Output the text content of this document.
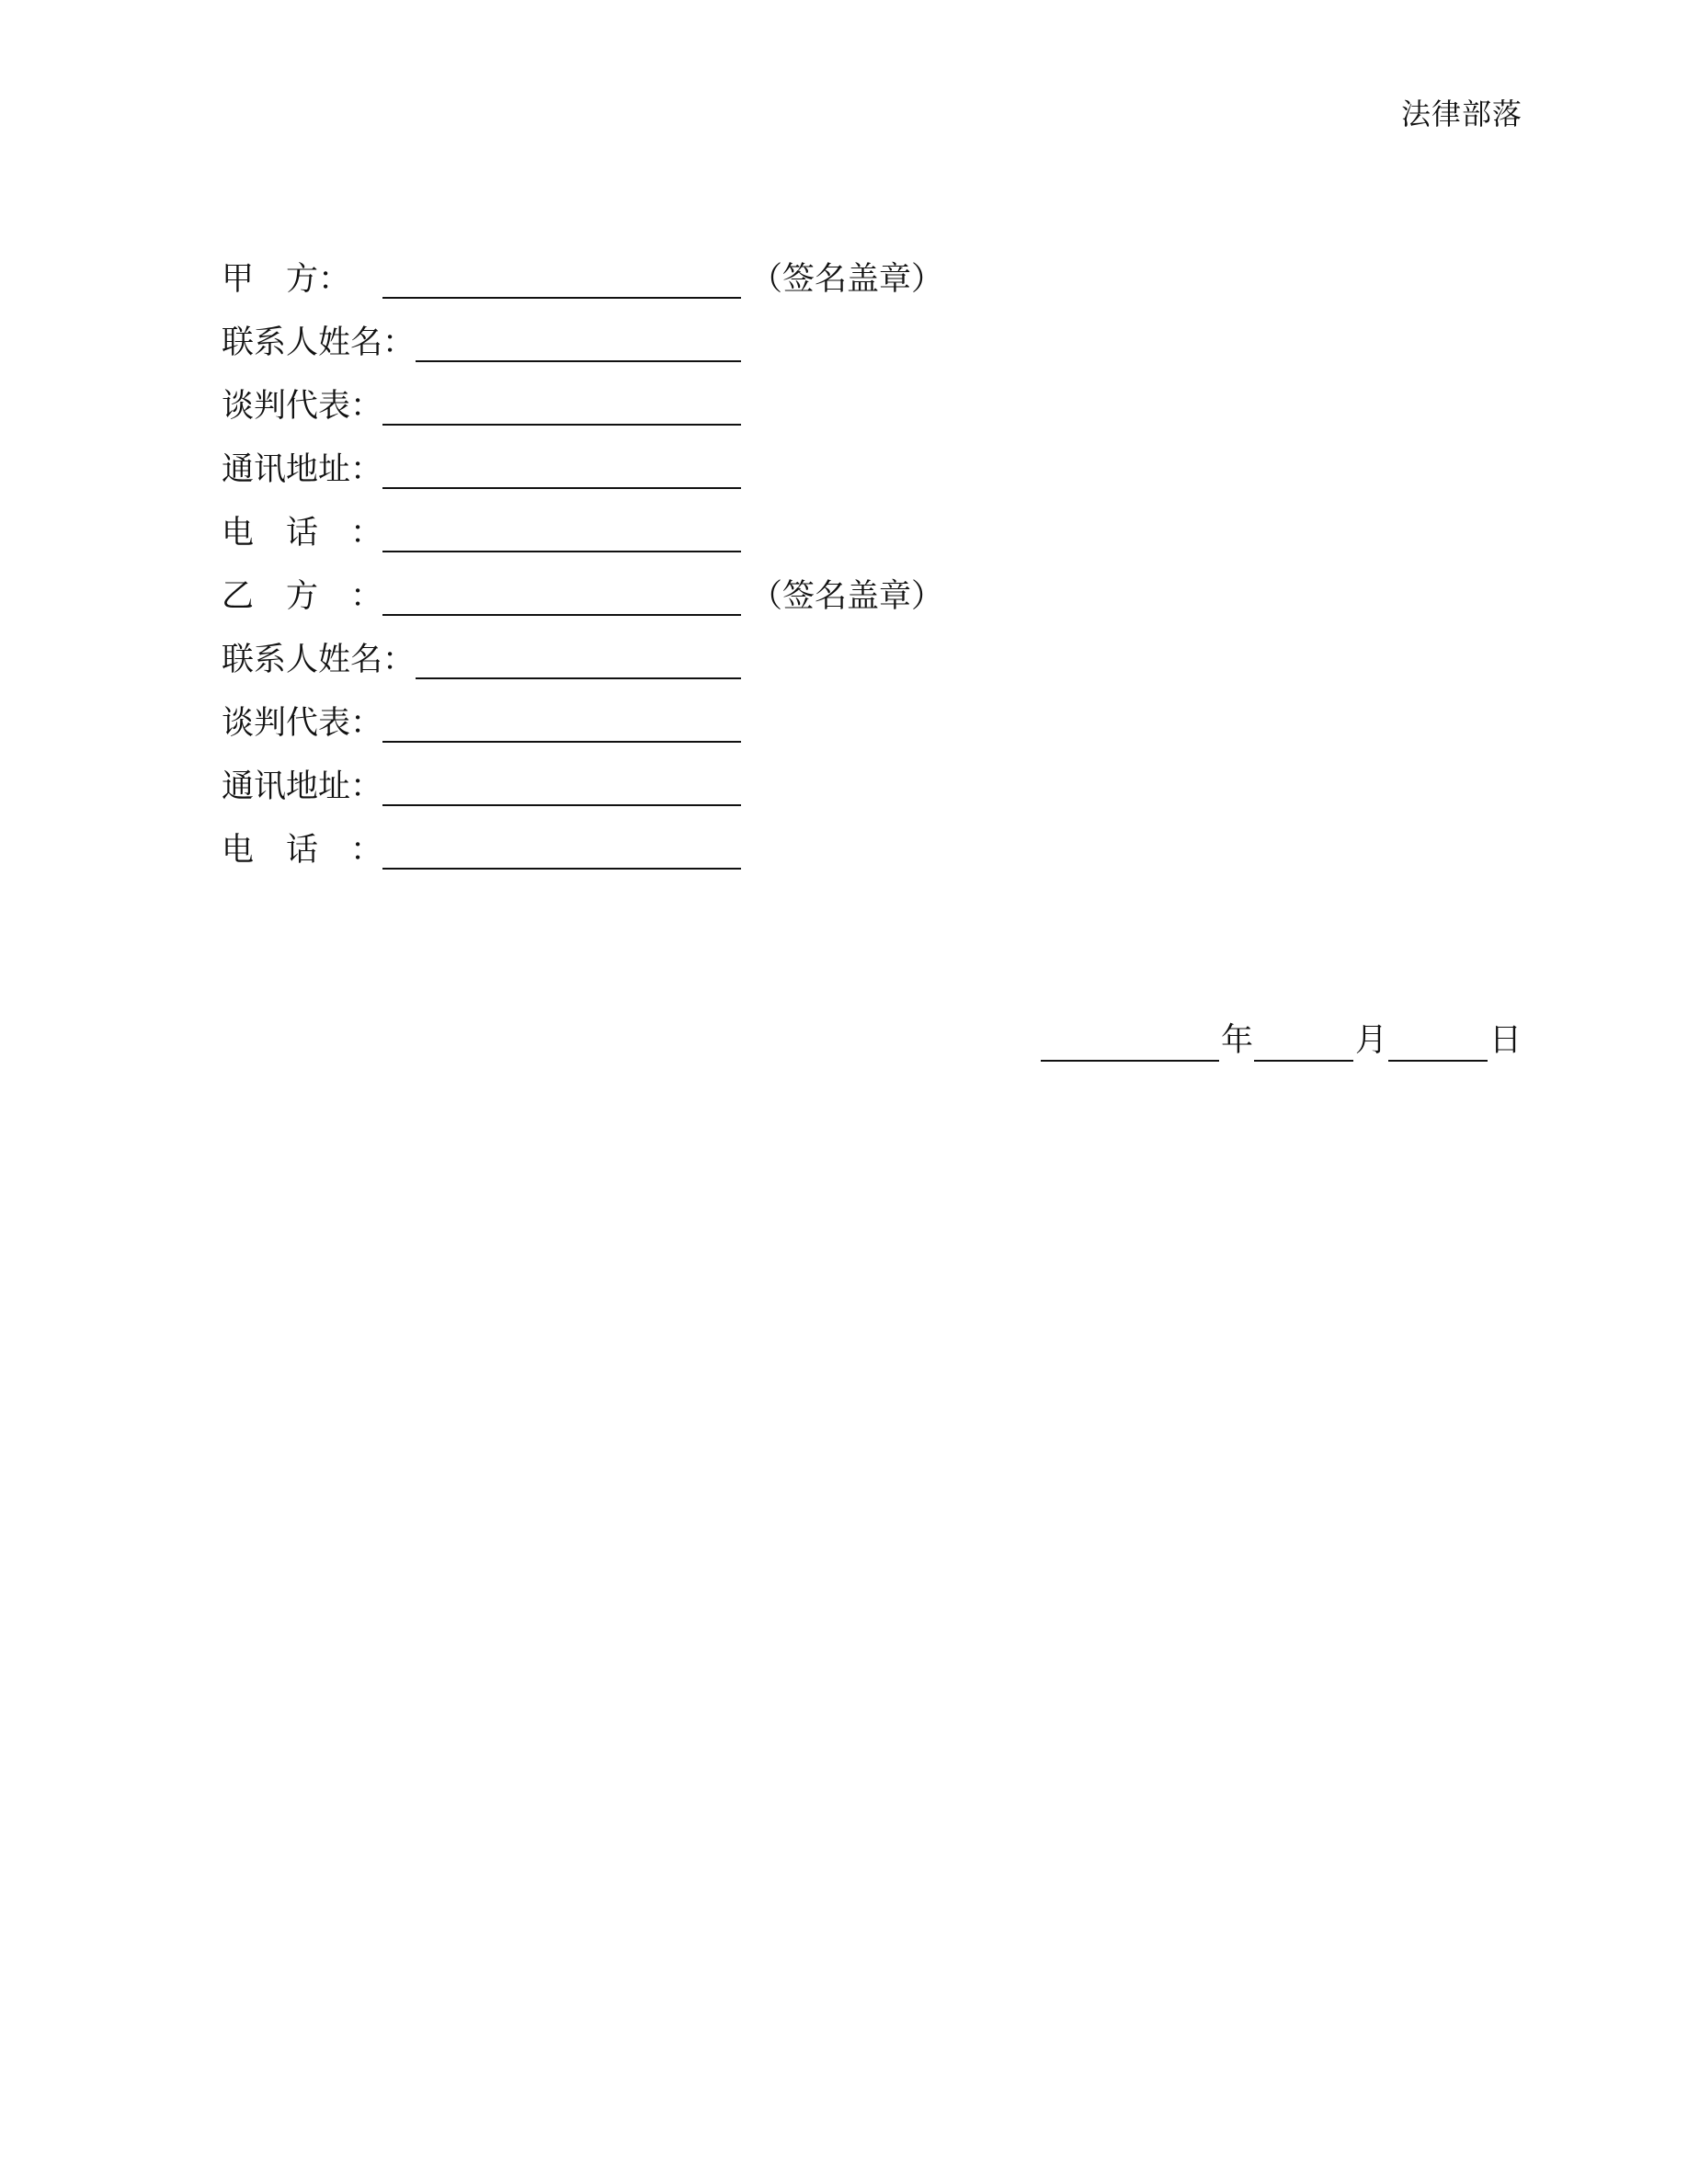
法律部落
甲 方 ：	（签名盖章）
联系人姓名 ：
谈判代表 ：
通讯地址 ：
电 话 ：
乙 方 ：	（签名盖章）
联系人姓名 ：
谈判代表 ：
通讯地址 ：
电 话 ：
年	月	日
